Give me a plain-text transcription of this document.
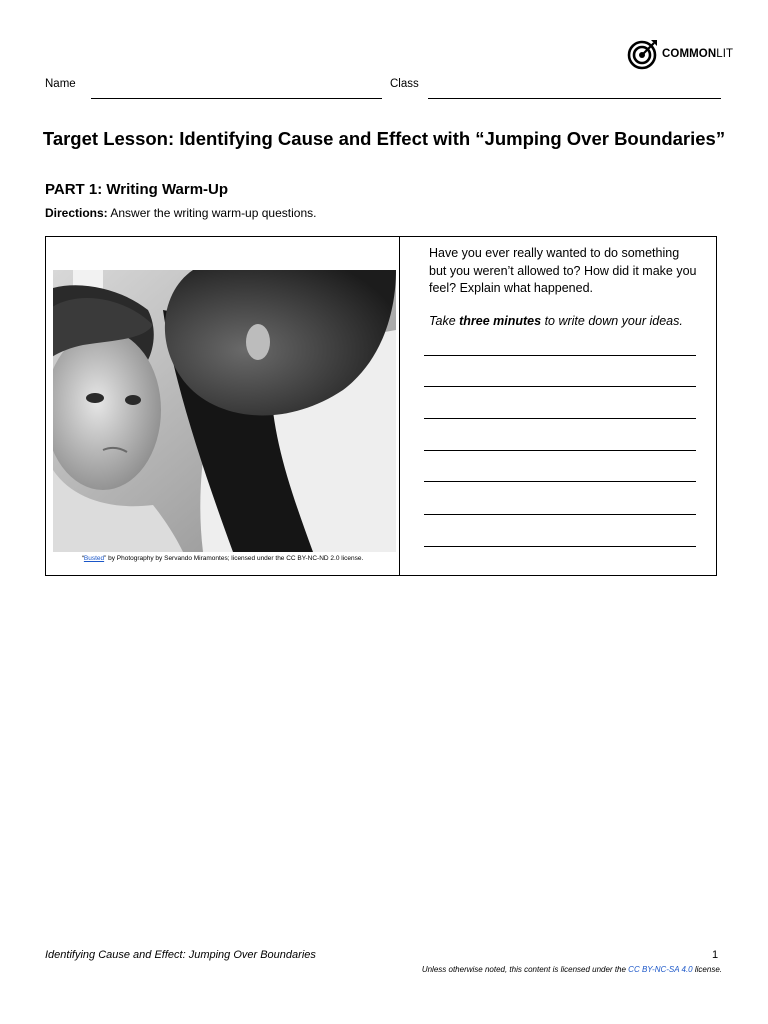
COMMONLIT
Name	Class
Target Lesson: Identifying Cause and Effect with “Jumping Over Boundaries”
PART 1: Writing Warm-Up
Directions: Answer the writing warm-up questions.
“Busted” by Photography by Servando Miramontes; licensed under the CC BY-NC-ND 2.0 license.
Have you ever really wanted to do something but you weren’t allowed to? How did it make you feel? Explain what happened.
Take three minutes to write down your ideas.
Identifying Cause and Effect: Jumping Over Boundaries	1
Unless otherwise noted, this content is licensed under the CC BY-NC-SA 4.0 license.
